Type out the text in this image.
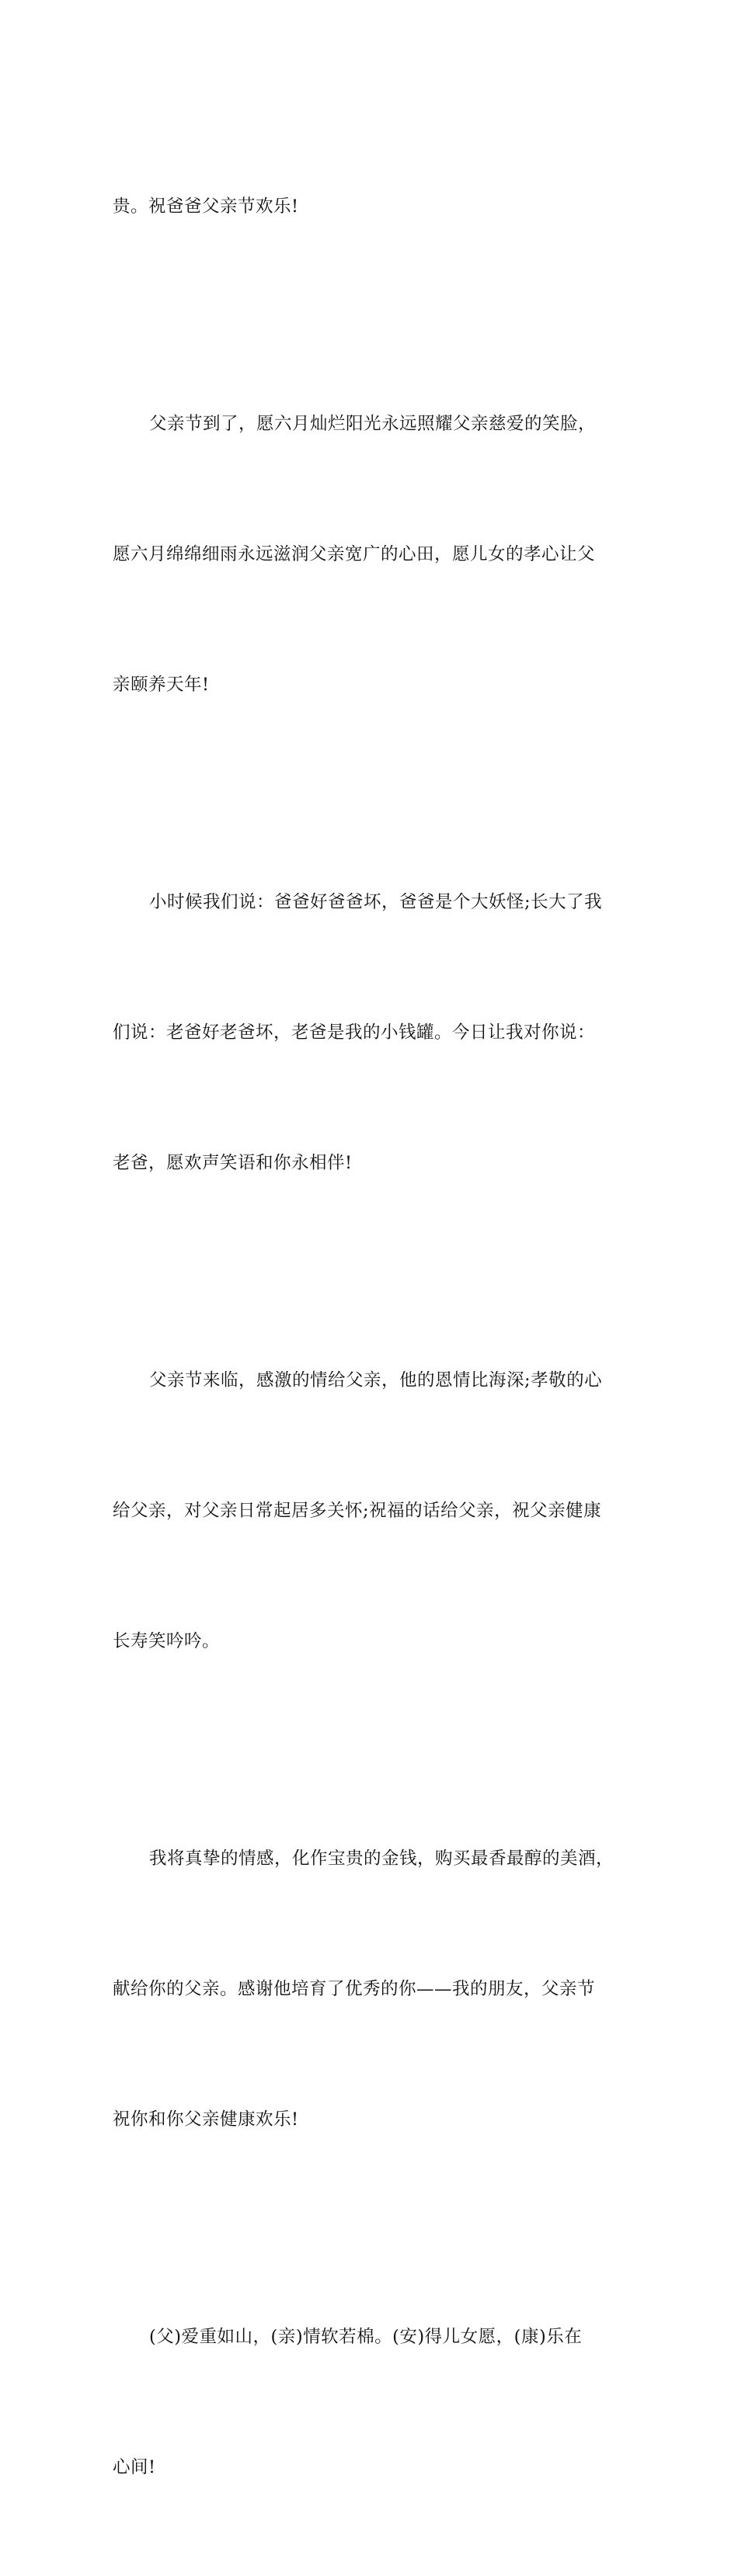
贵。祝爸爸父亲节欢乐!

父亲节到了，愿六月灿烂阳光永远照耀父亲慈爱的笑脸，

愿六月绵绵细雨永远滋润父亲宽广的心田，愿儿女的孝心让父

亲颐养天年!

小时候我们说：爸爸好爸爸坏，爸爸是个大妖怪;长大了我

们说：老爸好老爸坏，老爸是我的小钱罐。今日让我对你说：

老爸，愿欢声笑语和你永相伴!

父亲节来临，感激的情给父亲，他的恩情比海深;孝敬的心

给父亲，对父亲日常起居多关怀;祝福的话给父亲，祝父亲健康

长寿笑吟吟。

我将真挚的情感，化作宝贵的金钱，购买最香最醇的美酒，

献给你的父亲。感谢他培育了优秀的你——我的朋友，父亲节

祝你和你父亲健康欢乐!

(父)爱重如山，(亲)情软若棉。(安)得儿女愿，(康)乐在

心间!
